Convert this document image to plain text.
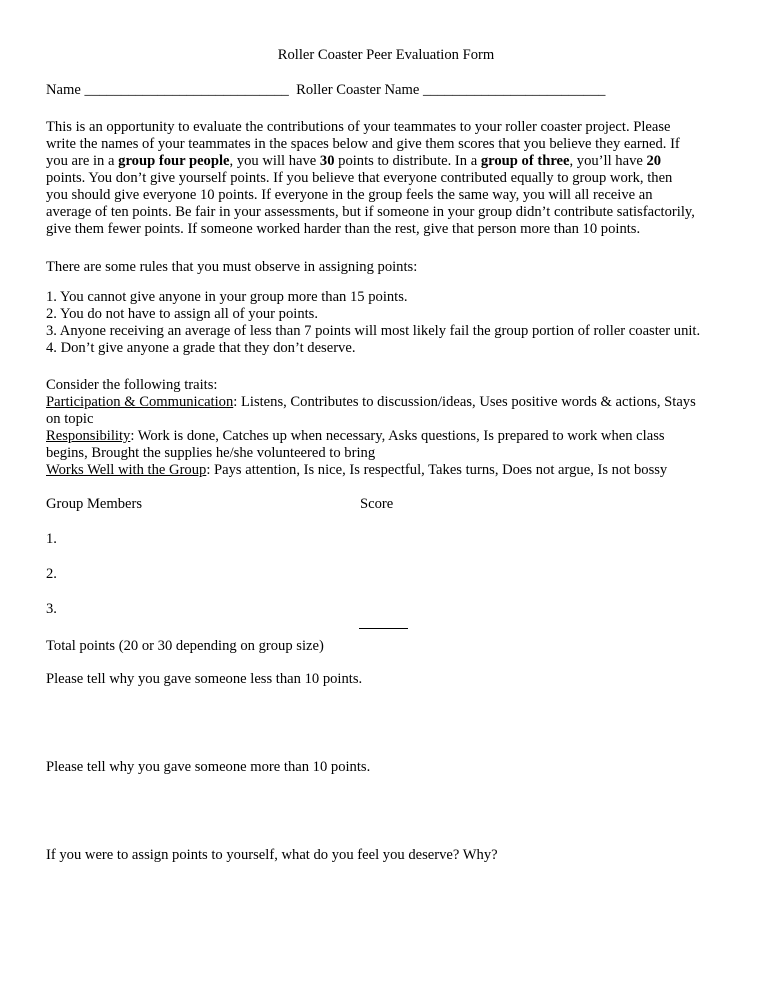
Roller Coaster Peer Evaluation Form
Name ____________________________ Roller Coaster Name _________________________
This is an opportunity to evaluate the contributions of your teammates to your roller coaster project. Please
write the names of your teammates in the spaces below and give them scores that you believe they earned. If
you are in a group four people, you will have 30 points to distribute. In a group of three, you’ll have 20
points. You don’t give yourself points. If you believe that everyone contributed equally to group work, then
you should give everyone 10 points. If everyone in the group feels the same way, you will all receive an
average of ten points. Be fair in your assessments, but if someone in your group didn’t contribute satisfactorily,
give them fewer points. If someone worked harder than the rest, give that person more than 10 points.
There are some rules that you must observe in assigning points:
1. You cannot give anyone in your group more than 15 points.
2. You do not have to assign all of your points.
3. Anyone receiving an average of less than 7 points will most likely fail the group portion of roller coaster unit.
4. Don’t give anyone a grade that they don’t deserve.
Consider the following traits:
Participation & Communication: Listens, Contributes to discussion/ideas, Uses positive words & actions, Stays
on topic
Responsibility: Work is done, Catches up when necessary, Asks questions, Is prepared to work when class
begins, Brought the supplies he/she volunteered to bring
Works Well with the Group: Pays attention, Is nice, Is respectful, Takes turns, Does not argue, Is not bossy
Group Members	Score
1.
2.
3.
Total points (20 or 30 depending on group size)
Please tell why you gave someone less than 10 points.
Please tell why you gave someone more than 10 points.
If you were to assign points to yourself, what do you feel you deserve? Why?
